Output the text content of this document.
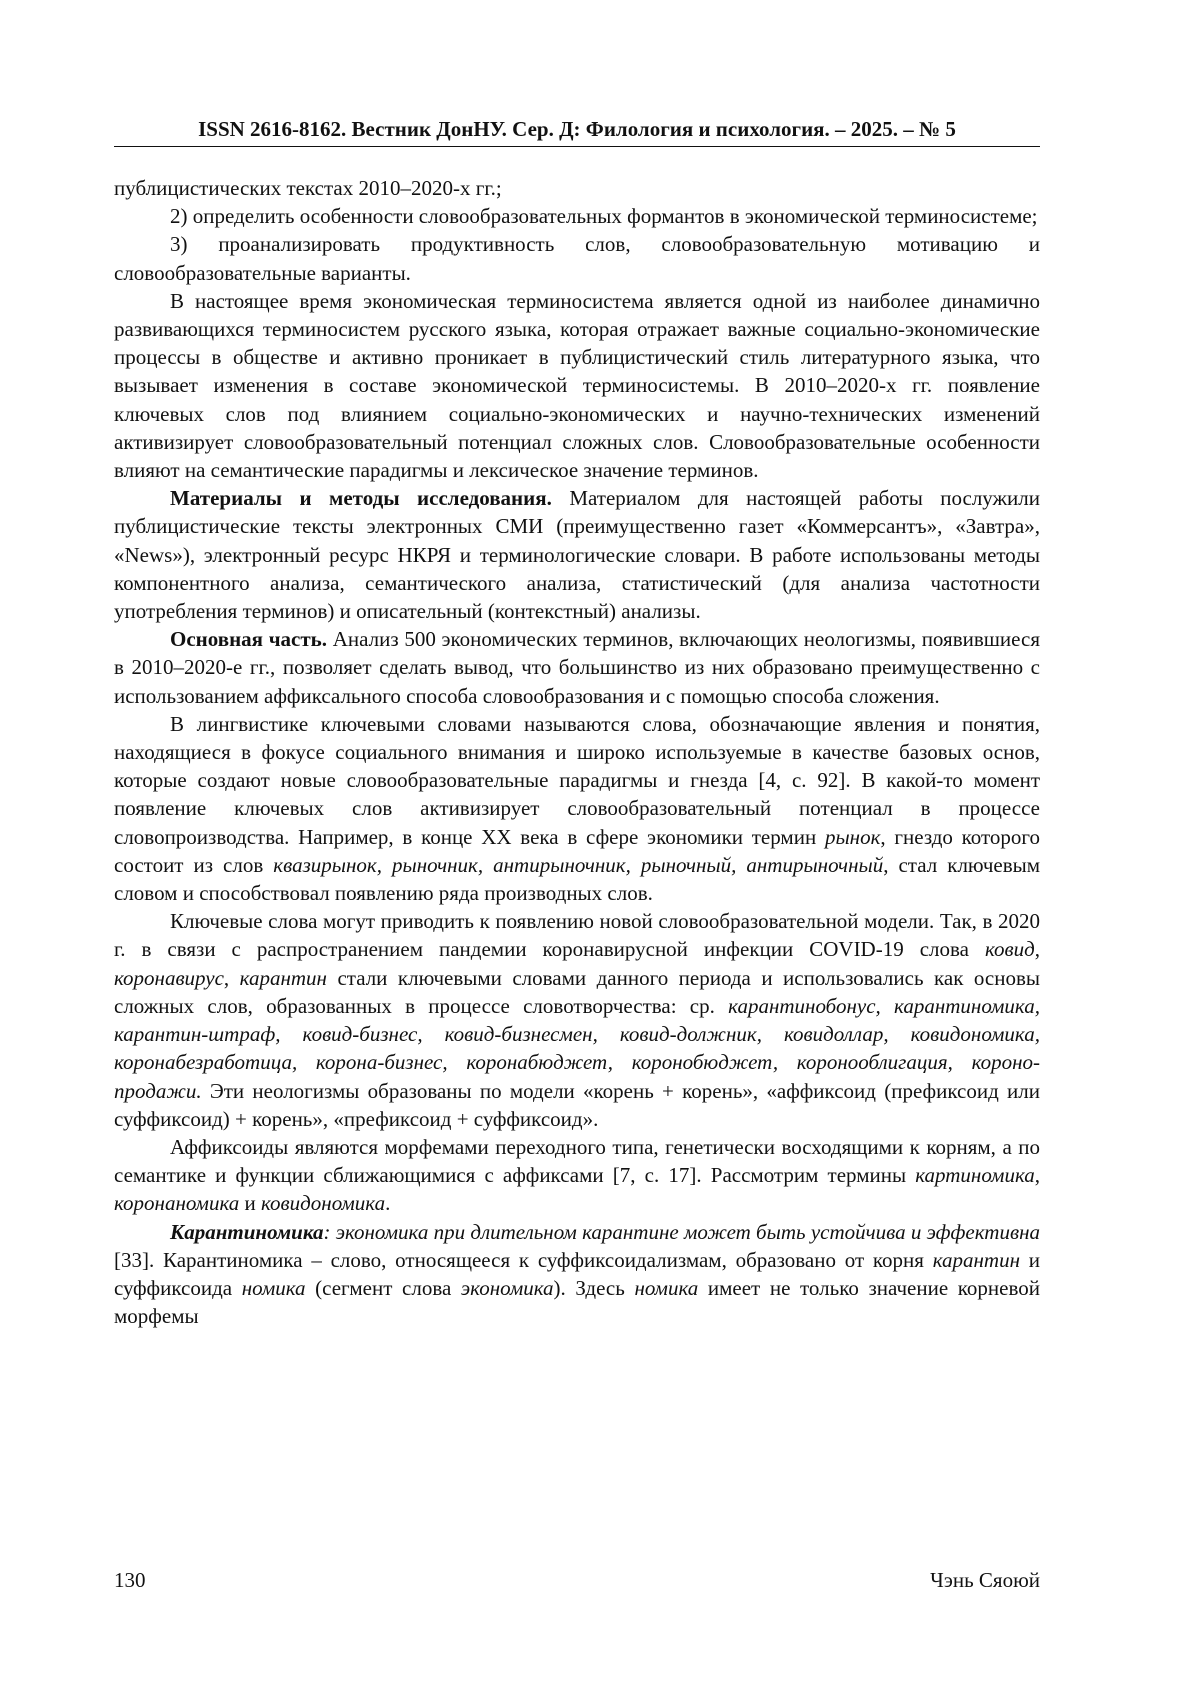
ISSN 2616-8162. Вестник ДонНУ. Сер. Д: Филология и психология. – 2025. – № 5

публицистических текстах 2010–2020-х гг.;

2) определить особенности словообразовательных формантов в экономической терминосистеме;

3) проанализировать продуктивность слов, словообразовательную мотивацию и словообразовательные варианты.

В настоящее время экономическая терминосистема является одной из наиболее динамично развивающихся терминосистем русского языка, которая отражает важные социально-экономические процессы в обществе и активно проникает в публицистический стиль литературного языка, что вызывает изменения в составе экономической терминосистемы. В 2010–2020-х гг. появление ключевых слов под влиянием социально-экономических и научно-технических изменений активизирует словообразовательный потенциал сложных слов. Словообразовательные особенности влияют на семантические парадигмы и лексическое значение терминов.

Материалы и методы исследования. Материалом для настоящей работы послужили публицистические тексты электронных СМИ (преимущественно газет «Коммерсантъ», «Завтра», «News»), электронный ресурс НКРЯ и терминологические словари. В работе использованы методы компонентного анализа, семантического анализа, статистический (для анализа частотности употребления терминов) и описательный (контекстный) анализы.

Основная часть. Анализ 500 экономических терминов, включающих неологизмы, появившиеся в 2010–2020-е гг., позволяет сделать вывод, что большинство из них образовано преимущественно с использованием аффиксального способа словообразования и с помощью способа сложения.

В лингвистике ключевыми словами называются слова, обозначающие явления и понятия, находящиеся в фокусе социального внимания и широко используемые в качестве базовых основ, которые создают новые словообразовательные парадигмы и гнезда [4, с. 92]. В какой-то момент появление ключевых слов активизирует словообразовательный потенциал в процессе словопроизводства. Например, в конце XX века в сфере экономики термин рынок, гнездо которого состоит из слов квазирынок, рыночник, антирыночник, рыночный, антирыночный, стал ключевым словом и способствовал появлению ряда производных слов.

Ключевые слова могут приводить к появлению новой словообразовательной модели. Так, в 2020 г. в связи с распространением пандемии коронавирусной инфекции COVID-19 слова ковид, коронавирус, карантин стали ключевыми словами данного периода и использовались как основы сложных слов, образованных в процессе словотворчества: ср. карантинобонус, карантиномика, карантин-штраф, ковид-бизнес, ковид-бизнесмен, ковид-должник, ковидоллар, ковидономика, коронабезработица, корона-бизнес, коронабюджет, коронобюджет, коронооблигация, короно-продажи. Эти неологизмы образованы по модели «корень + корень», «аффиксоид (префиксоид или суффиксоид) + корень», «префиксоид + суффиксоид».

Аффиксоиды являются морфемами переходного типа, генетически восходящими к корням, а по семантике и функции сближающимися с аффиксами [7, с. 17]. Рассмотрим термины картиномика, коронаномика и ковидономика.

Карантиномика: экономика при длительном карантине может быть устойчива и эффективна [33]. Карантиномика – слово, относящееся к суффиксоидализмам, образовано от корня карантин и суффиксоида номика (сегмент слова экономика). Здесь номика имеет не только значение корневой морфемы

130	Чэнь Сяоюй
